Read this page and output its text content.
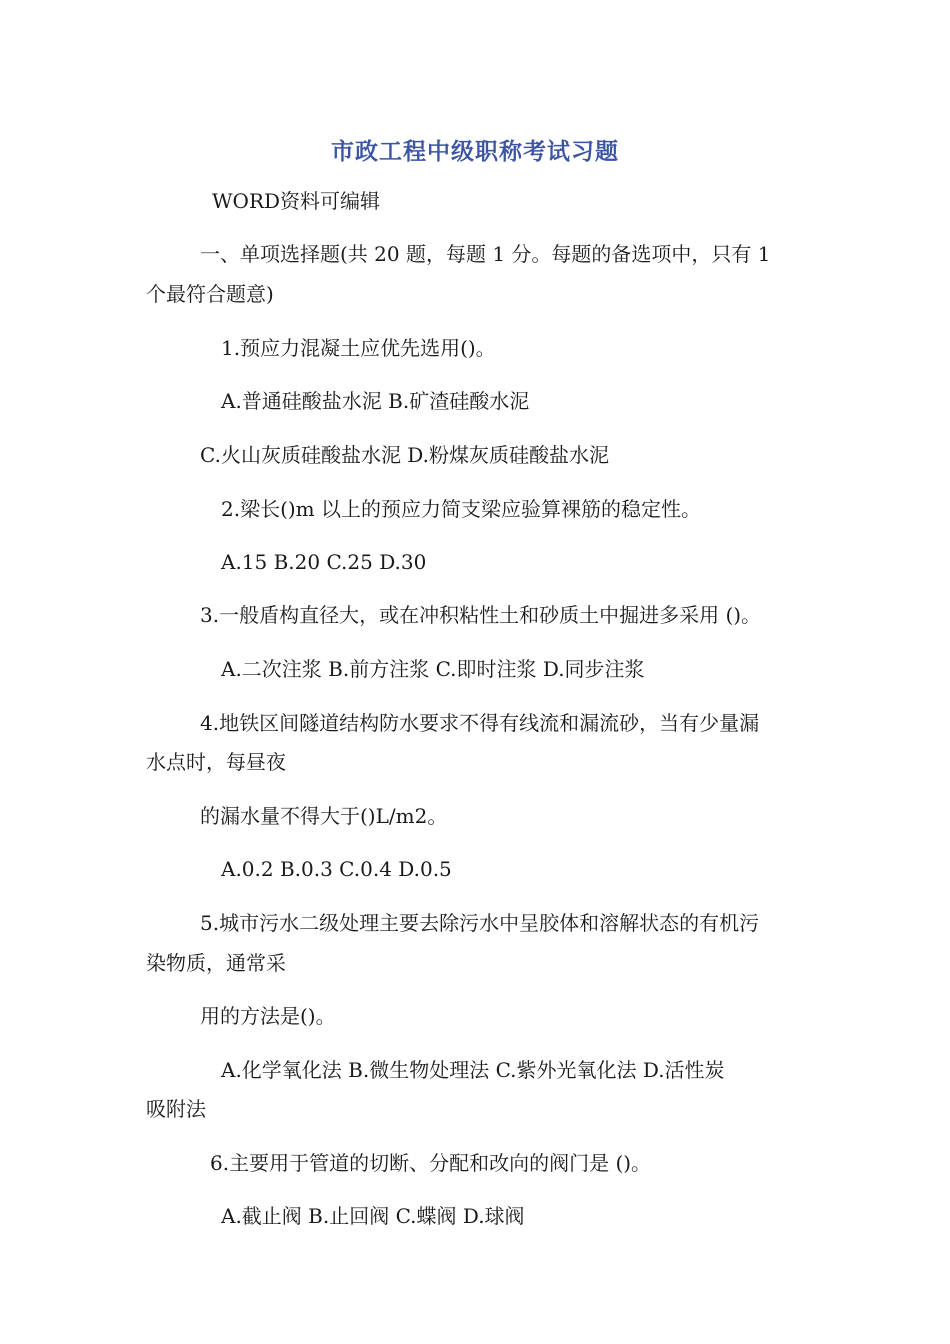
市政工程中级职称考试习题
WORD资料可编辑
一、单项选择题(共 20 题，每题 1 分。每题的备选项中，只有 1
个最符合题意)
1.预应力混凝土应优先选用()。
A.普通硅酸盐水泥 B.矿渣硅酸水泥
C.火山灰质硅酸盐水泥 D.粉煤灰质硅酸盐水泥
2.梁长()m 以上的预应力简支梁应验算裸筋的稳定性。
A.15 B.20 C.25 D.30
3.一般盾构直径大，或在冲积粘性土和砂质土中掘进多采用 ()。
A.二次注浆 B.前方注浆 C.即时注浆 D.同步注浆
4.地铁区间隧道结构防水要求不得有线流和漏流砂，当有少量漏
水点时，每昼夜
的漏水量不得大于()L/m2。
A.0.2 B.0.3 C.0.4 D.0.5
5.城市污水二级处理主要去除污水中呈胶体和溶解状态的有机污
染物质，通常采
用的方法是()。
A.化学氧化法 B.微生物处理法 C.紫外光氧化法 D.活性炭
吸附法
6.主要用于管道的切断、分配和改向的阀门是 ()。
A.截止阀 B.止回阀 C.蝶阀 D.球阀
